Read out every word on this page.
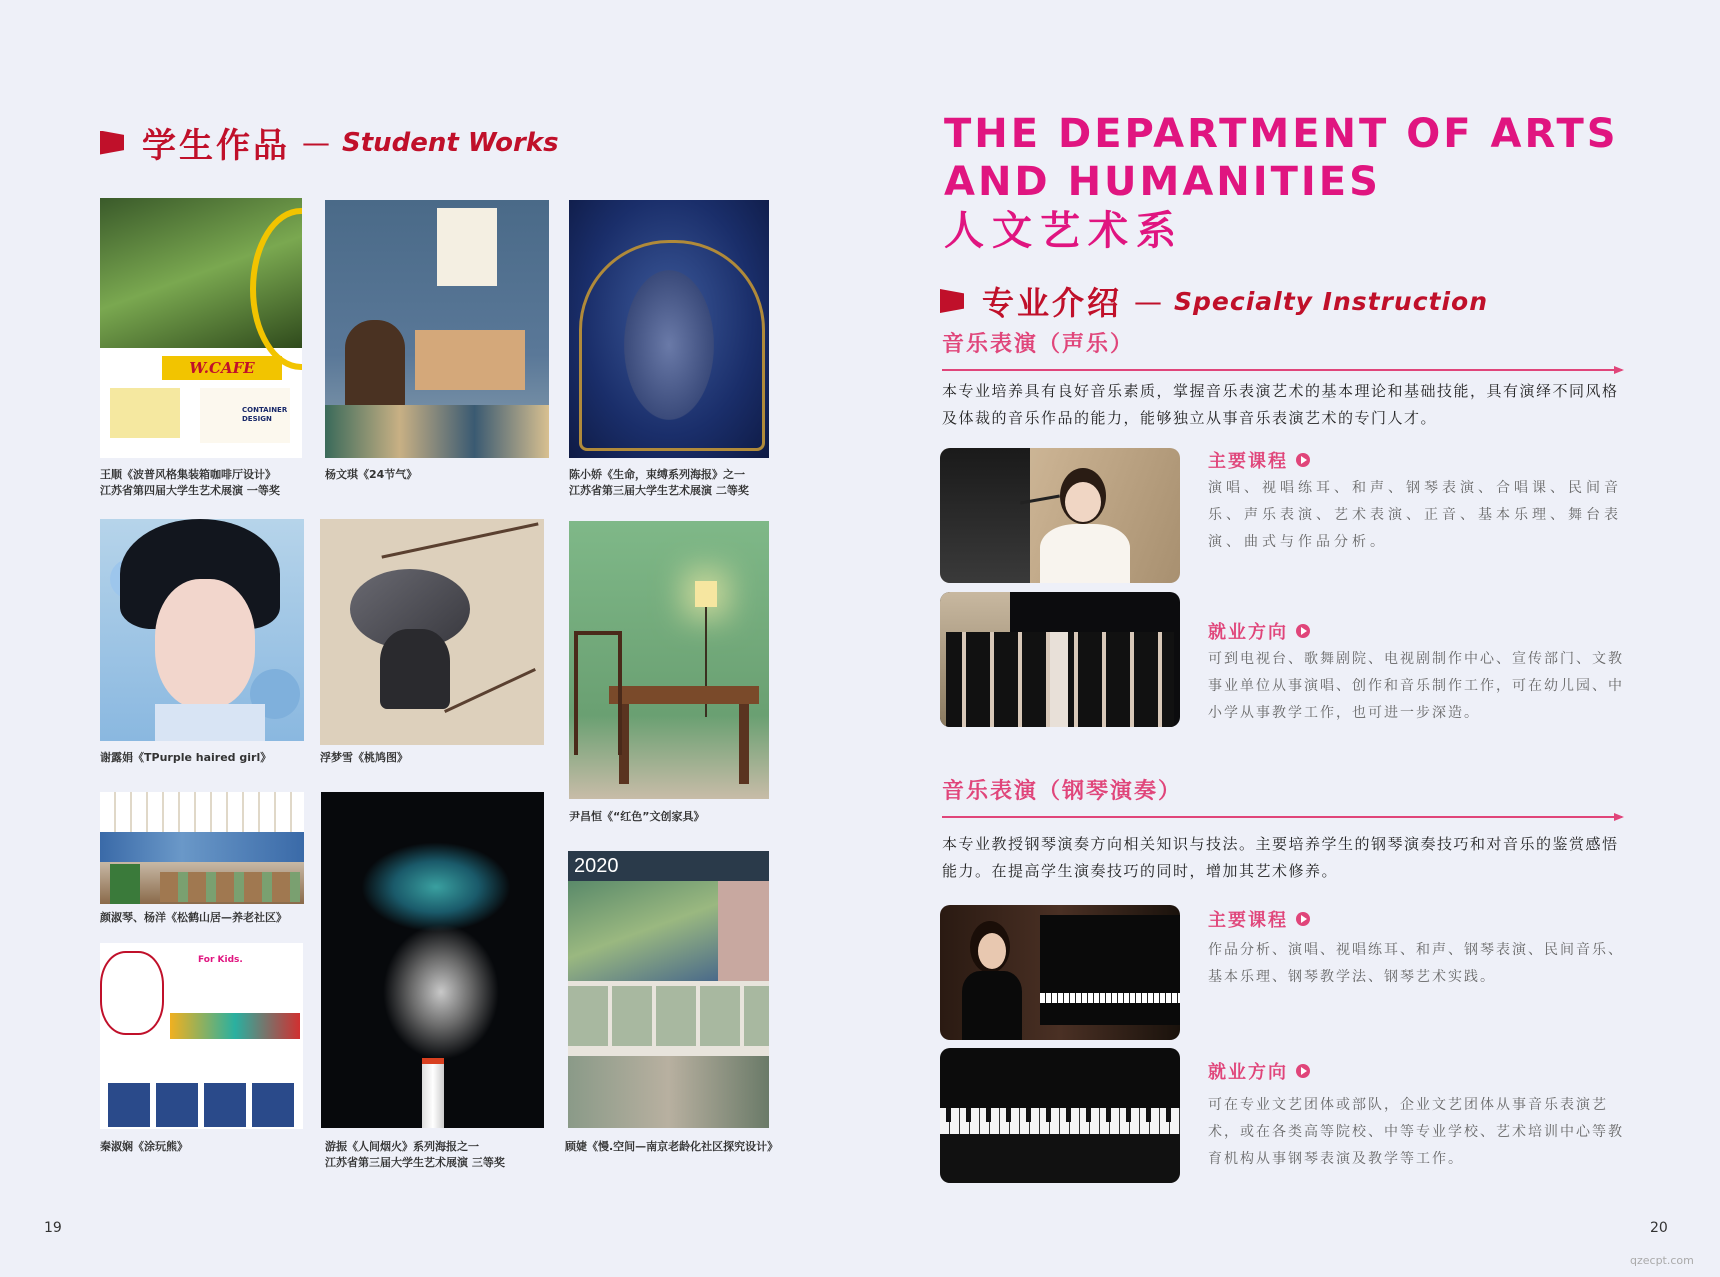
学生作品 — Student Works
W.CAFE
CONTAINER DESIGN
王顺《波普风格集装箱咖啡厅设计》
江苏省第四届大学生艺术展演 一等奖
杨文琪《24节气》	陈小娇《生命，束缚系列海报》之一
江苏省第三届大学生艺术展演 二等奖
谢露娟《TPurple haired girl》	浮梦雪《桃鸠图》
尹昌恒《“红色”文创家具》
颜淑琴、杨洋《松鹤山居—养老社区》
游振《人间烟火》系列海报之一
江苏省第三届大学生艺术展演 三等奖
2020
顾婕《慢.空间—南京老龄化社区探究设计》
For Kids.
秦淑娴《涂玩熊》
19
THE DEPARTMENT OF ARTS
AND HUMANITIES
人文艺术系
专业介绍 — Specialty Instruction
音乐表演（声乐）
本专业培养具有良好音乐素质，掌握音乐表演艺术的基本理论和基础技能，具有演绎不同风格及体裁的音乐作品的能力，能够独立从事音乐表演艺术的专门人才。
主要课程
演唱、视唱练耳、和声、钢琴表演、合唱课、民间音乐、声乐表演、艺术表演、正音、基本乐理、舞台表演、曲式与作品分析。
就业方向
可到电视台、歌舞剧院、电视剧制作中心、宣传部门、文教事业单位从事演唱、创作和音乐制作工作，可在幼儿园、中小学从事教学工作，也可进一步深造。
音乐表演（钢琴演奏）
本专业教授钢琴演奏方向相关知识与技法。主要培养学生的钢琴演奏技巧和对音乐的鉴赏感悟能力。在提高学生演奏技巧的同时，增加其艺术修养。
主要课程
作品分析、演唱、视唱练耳、和声、钢琴表演、民间音乐、基本乐理、钢琴教学法、钢琴艺术实践。
就业方向
可在专业文艺团体或部队，企业文艺团体从事音乐表演艺术，或在各类高等院校、中等专业学校、艺术培训中心等教育机构从事钢琴表演及教学等工作。
20
qzecpt.com
